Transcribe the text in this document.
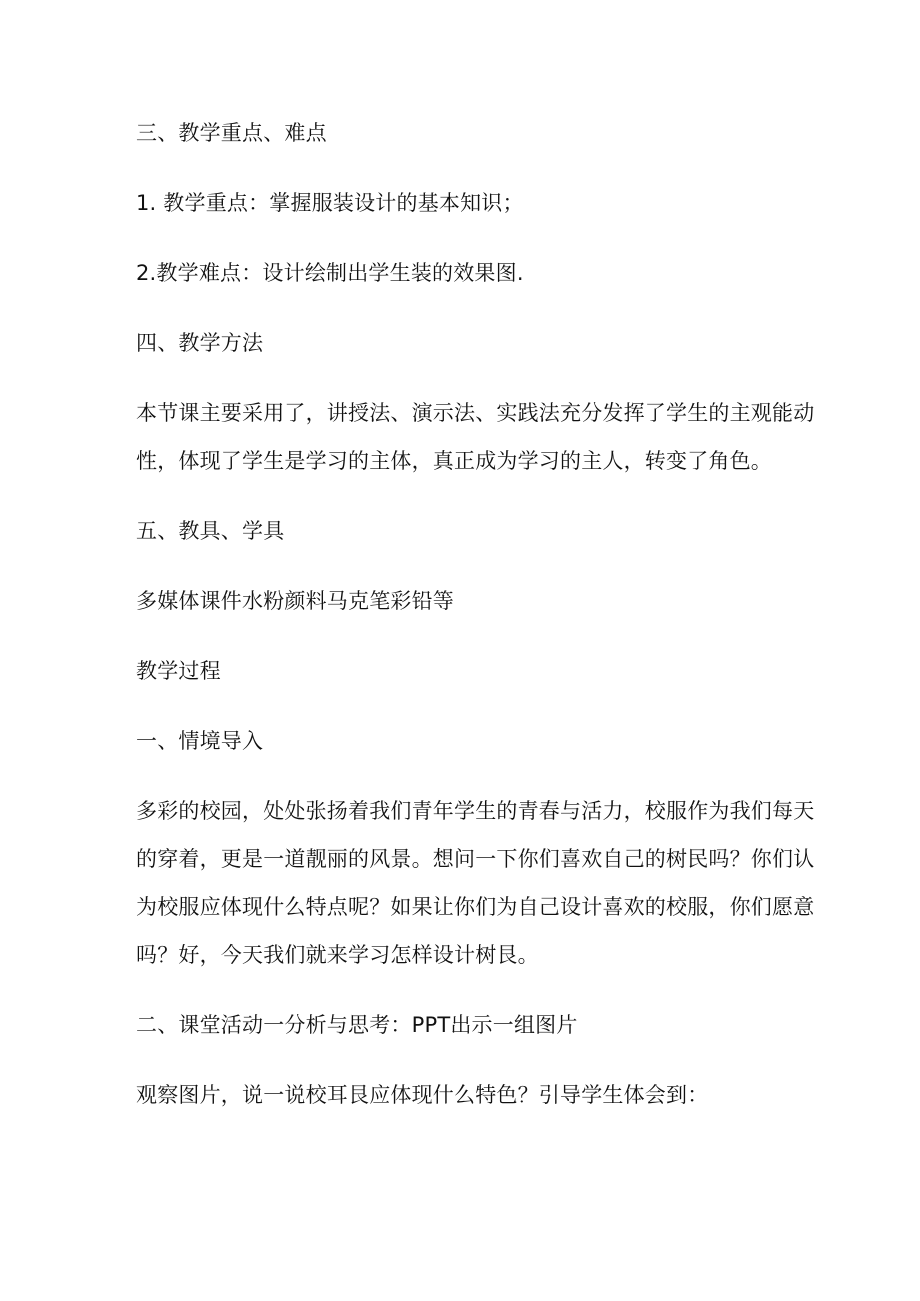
三、教学重点、难点
1. 教学重点：掌握服装设计的基本知识；
2.教学难点：设计绘制出学生装的效果图.
四、教学方法
本节课主要采用了，讲授法、演示法、实践法充分发挥了学生的主观能动
性，体现了学生是学习的主体，真正成为学习的主人，转变了角色。
五、教具、学具
多媒体课件水粉颜料马克笔彩铅等
教学过程
一、情境导入
多彩的校园，处处张扬着我们青年学生的青春与活力，校服作为我们每天
的穿着，更是一道靓丽的风景。想问一下你们喜欢自己的树民吗？你们认
为校服应体现什么特点呢？如果让你们为自己设计喜欢的校服，你们愿意
吗？好，今天我们就来学习怎样设计树艮。
二、课堂活动一分析与思考：PPT出示一组图片
观察图片，说一说校耳艮应体现什么特色？引导学生体会到：
